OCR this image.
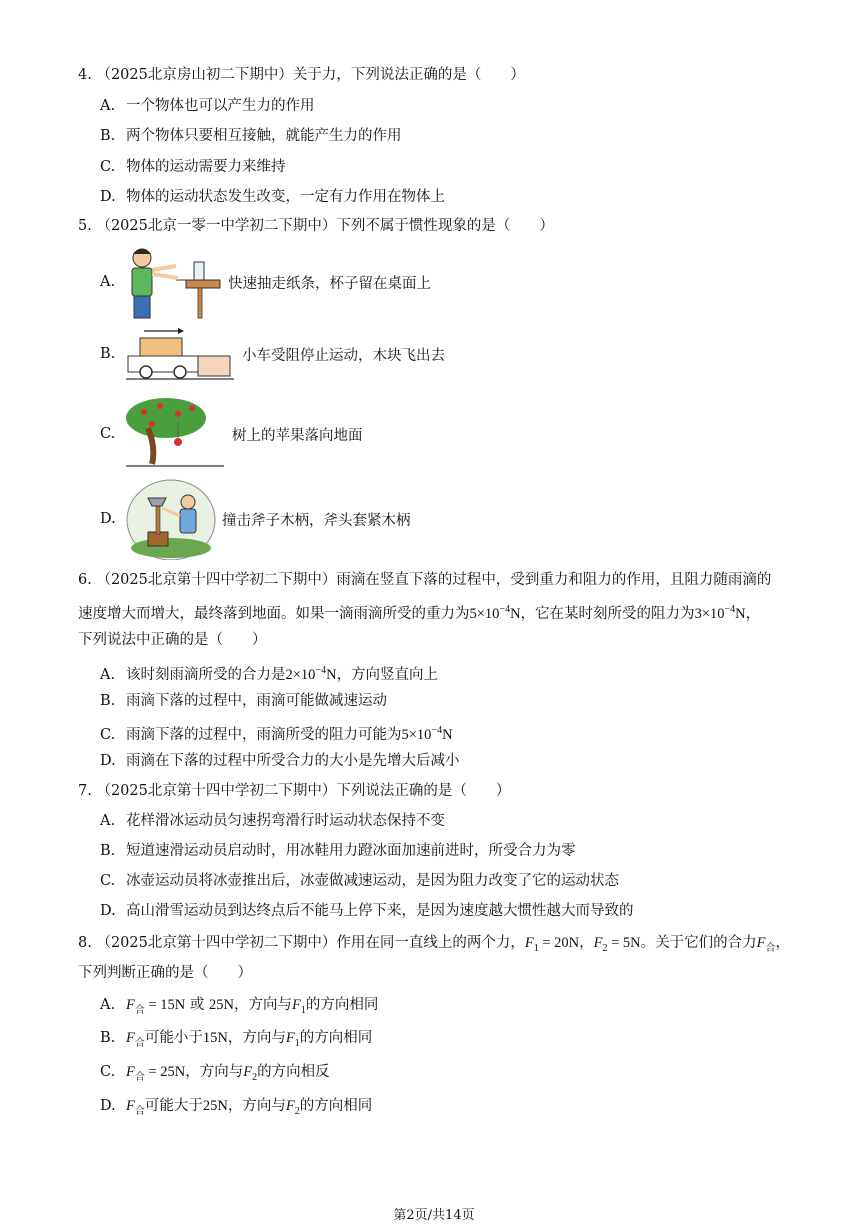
4. （2025北京房山初二下期中）关于力，下列说法正确的是（　　）
A. 一个物体也可以产生力的作用
B. 两个物体只要相互接触，就能产生力的作用
C. 物体的运动需要力来维持
D. 物体的运动状态发生改变，一定有力作用在物体上
5. （2025北京一零一中学初二下期中）下列不属于惯性现象的是（　　）
A.	快速抽走纸条，杯子留在桌面上
B.	小车受阻停止运动，木块飞出去
C.	树上的苹果落向地面
D.	撞击斧子木柄，斧头套紧木柄
6. （2025北京第十四中学初二下期中）雨滴在竖直下落的过程中，受到重力和阻力的作用，且阻力随雨滴的
速度增大而增大，最终落到地面。如果一滴雨滴所受的重力为$5\times 10^{-4}N$，它在某时刻所受的阻力为$3\times 10^{-4}N$，
下列说法中正确的是（　　）
A. 该时刻雨滴所受的合力是$2\times 10^{-4}N$，方向竖直向上
B. 雨滴下落的过程中，雨滴可能做减速运动
C. 雨滴下落的过程中，雨滴所受的阻力可能为$5\times 10^{-4}N$
D. 雨滴在下落的过程中所受合力的大小是先增大后减小
7. （2025北京第十四中学初二下期中）下列说法正确的是（　　）
A. 花样滑冰运动员匀速拐弯滑行时运动状态保持不变
B. 短道速滑运动员启动时，用冰鞋用力蹬冰面加速前进时，所受合力为零
C. 冰壶运动员将冰壶推出后，冰壶做减速运动，是因为阻力改变了它的运动状态
D. 高山滑雪运动员到达终点后不能马上停下来，是因为速度越大惯性越大而导致的
8. （2025北京第十四中学初二下期中）作用在同一直线上的两个力，$F_1 = 20N$，$F_2 = 5N$。关于它们的合力$F_合$，
下列判断正确的是（　　）
A. $F_合 = 15N$ 或 25N，方向与$F_1$的方向相同
B. $F_合$可能小于15N，方向与$F_1$的方向相同
C. $F_合 = 25N$，方向与$F_2$的方向相反
D. $F_合$可能大于25N，方向与$F_2$的方向相同
第2页/共14页
